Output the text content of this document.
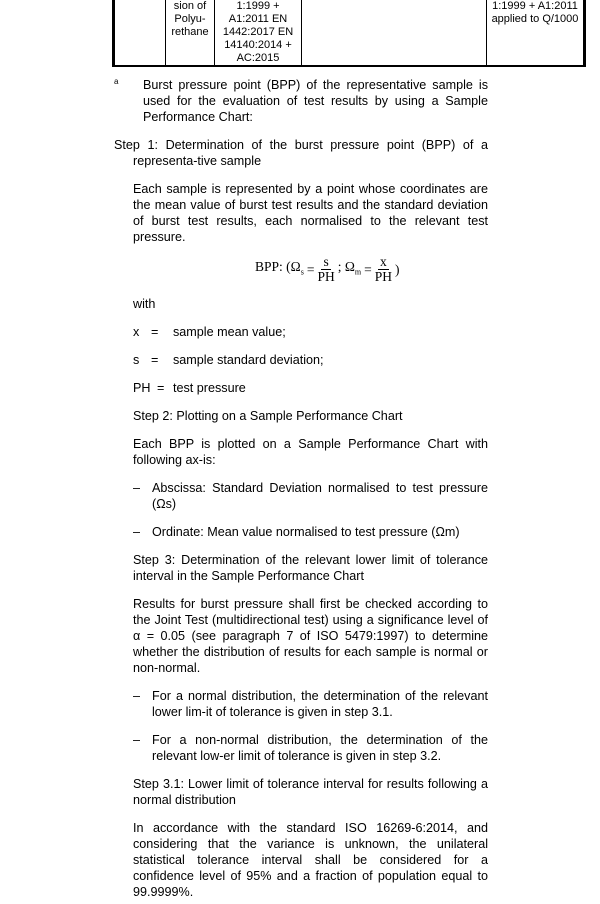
	sion of Polyu- rethane	1:1999 + A1:2011 EN 1442:2017 EN 14140:2014 + AC:2015		1:1999 + A1:2011 applied to Q/1000
a	Burst pressure point (BPP) of the representative sample is used for the evaluation of test results by using a Sample Performance Chart:
Step 1: Determination of the burst pressure point (BPP) of a representa-tive sample
Each sample is represented by a point whose coordinates are the mean value of burst test results and the standard deviation of burst test results, each normalised to the relevant test pressure.
BPP: ($\Omega_s = \frac{s}{PH}$ ; $\Omega_m = \frac{x}{PH}$ )
with
x =	sample mean value;
s =	sample standard deviation;
PH = test pressure
Step 2: Plotting on a Sample Performance Chart
Each BPP is plotted on a Sample Performance Chart with following ax-is:
– Abscissa: Standard Deviation normalised to test pressure (Ωs)
– Ordinate: Mean value normalised to test pressure (Ωm)
Step 3: Determination of the relevant lower limit of tolerance interval in the Sample Performance Chart
Results for burst pressure shall first be checked according to the Joint Test (multidirectional test) using a significance level of α = 0.05 (see paragraph 7 of ISO 5479:1997) to determine whether the distribution of results for each sample is normal or non-normal.
– For a normal distribution, the determination of the relevant lower lim-it of tolerance is given in step 3.1.
– For a non-normal distribution, the determination of the relevant low-er limit of tolerance is given in step 3.2.
Step 3.1: Lower limit of tolerance interval for results following a normal distribution
In accordance with the standard ISO 16269-6:2014, and considering that the variance is unknown, the unilateral statistical tolerance interval shall be considered for a confidence level of 95% and a fraction of population equal to 99.9999%.
